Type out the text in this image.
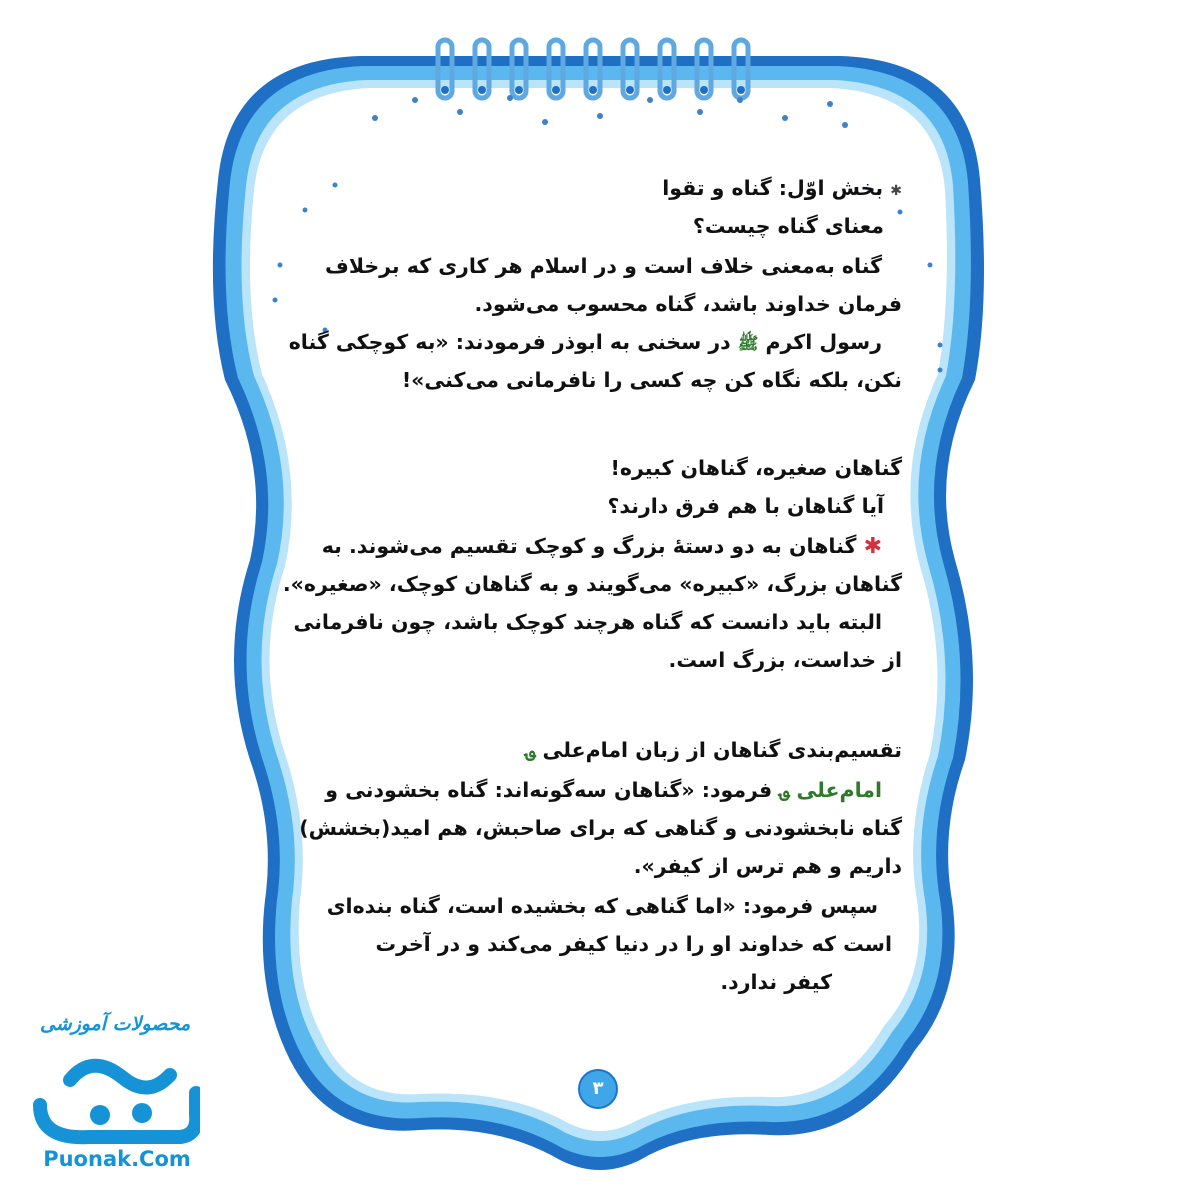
✱ بخش اوّل: گناه و تقوا
معنای گناه چیست؟
گناه به‌معنی خلاف است و در اسلام هر کاری که برخلاف
فرمان خداوند باشد، گناه محسوب می‌شود.
رسول اکرم ﷺ در سخنی به ابوذر فرمودند: «به کوچکی گناه
نکن، بلکه نگاه کن چه کسی را نافرمانی می‌کنی»!
گناهان صغیره، گناهان کبیره!
آیا گناهان با هم فرق دارند؟
✱ گناهان به دو دستهٔ بزرگ و کوچک تقسیم می‌شوند. به
گناهان بزرگ، «کبیره» می‌گویند و به گناهان کوچک، «صغیره».
البته باید دانست که گناه هرچند کوچک باشد، چون نافرمانی
از خداست، بزرگ است.
تقسیم‌بندی گناهان از زبان امام‌علی ؈
امام‌علی ؈ فرمود: «گناهان سه‌گونه‌اند: گناه بخشودنی و
گناه نابخشودنی و گناهی که برای صاحبش، هم امید(بخشش)
داریم و هم ترس از کیفر».
سپس فرمود: «اما گناهی که بخشیده است، گناه بنده‌ای
است که خداوند او را در دنیا کیفر می‌کند و در آخرت
کیفر ندارد.
۳
محصولات آموزشی
Puonak.Com
